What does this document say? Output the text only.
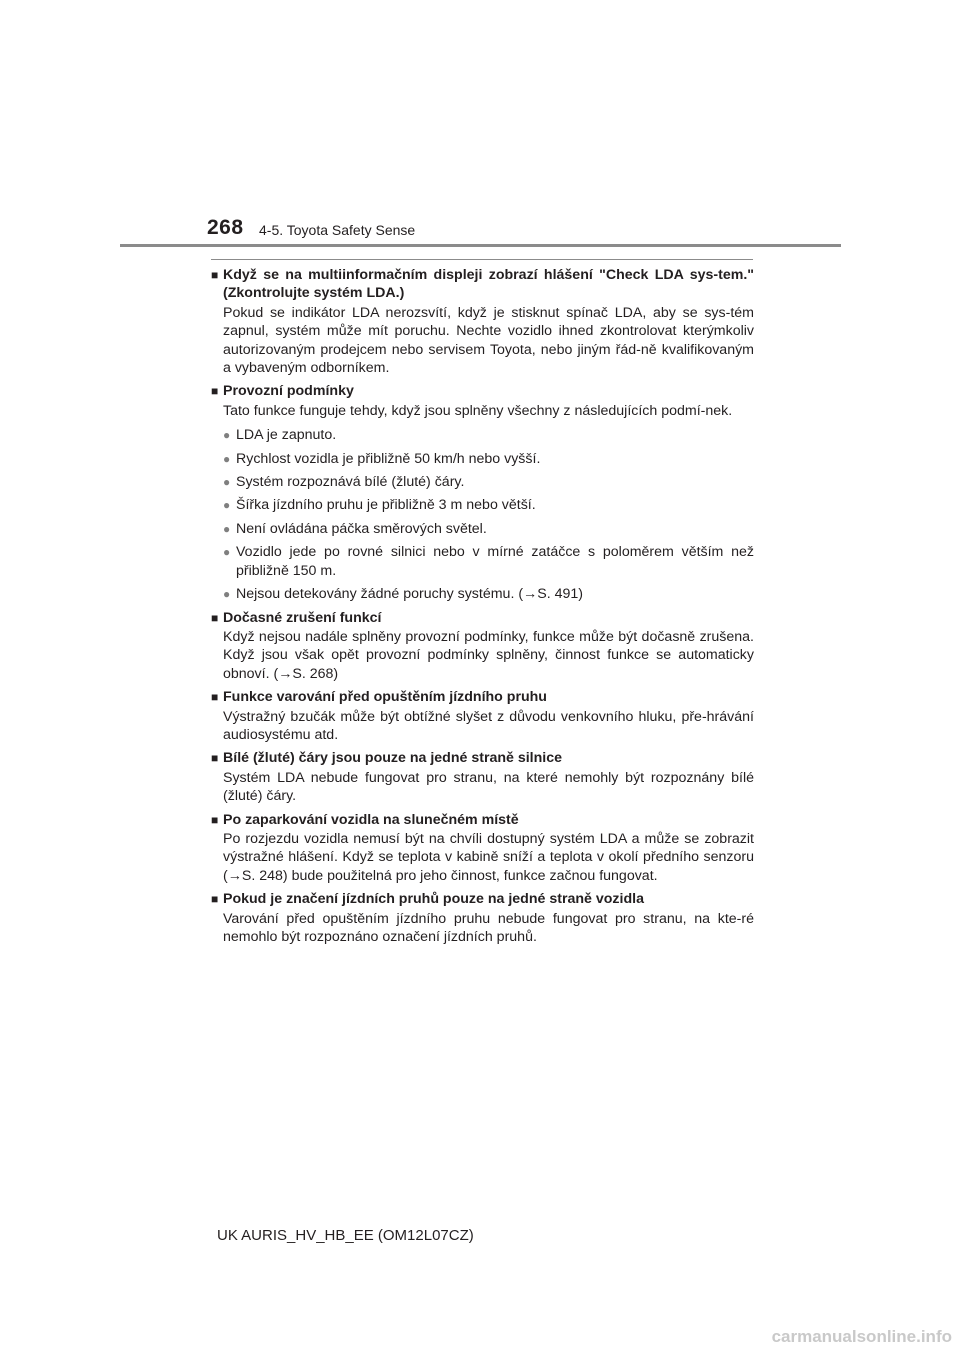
268 4-5. Toyota Safety Sense
■ Když se na multiinformačním displeji zobrazí hlášení "Check LDA sys-tem." (Zkontrolujte systém LDA.)
Pokud se indikátor LDA nerozsvítí, když je stisknut spínač LDA, aby se sys-tém zapnul, systém může mít poruchu. Nechte vozidlo ihned zkontrolovat kterýmkoliv autorizovaným prodejcem nebo servisem Toyota, nebo jiným řád-ně kvalifikovaným a vybaveným odborníkem.
■ Provozní podmínky
Tato funkce funguje tehdy, když jsou splněny všechny z následujících podmí-nek.
● LDA je zapnuto.
● Rychlost vozidla je přibližně 50 km/h nebo vyšší.
● Systém rozpoznává bílé (žluté) čáry.
● Šířka jízdního pruhu je přibližně 3 m nebo větší.
● Není ovládána páčka směrových světel.
● Vozidlo jede po rovné silnici nebo v mírné zatáčce s poloměrem větším než přibližně 150 m.
● Nejsou detekovány žádné poruchy systému. (→S. 491)
■ Dočasné zrušení funkcí
Když nejsou nadále splněny provozní podmínky, funkce může být dočasně zrušena. Když jsou však opět provozní podmínky splněny, činnost funkce se automaticky obnoví. (→S. 268)
■ Funkce varování před opuštěním jízdního pruhu
Výstražný bzučák může být obtížné slyšet z důvodu venkovního hluku, pře-hrávání audiosystému atd.
■ Bílé (žluté) čáry jsou pouze na jedné straně silnice
Systém LDA nebude fungovat pro stranu, na které nemohly být rozpoznány bílé (žluté) čáry.
■ Po zaparkování vozidla na slunečném místě
Po rozjezdu vozidla nemusí být na chvíli dostupný systém LDA a může se zobrazit výstražné hlášení. Když se teplota v kabině sníží a teplota v okolí předního senzoru (→S. 248) bude použitelná pro jeho činnost, funkce začnou fungovat.
■ Pokud je značení jízdních pruhů pouze na jedné straně vozidla
Varování před opuštěním jízdního pruhu nebude fungovat pro stranu, na kte-ré nemohlo být rozpoznáno označení jízdních pruhů.
UK AURIS_HV_HB_EE (OM12L07CZ)
carmanualsonline.info
